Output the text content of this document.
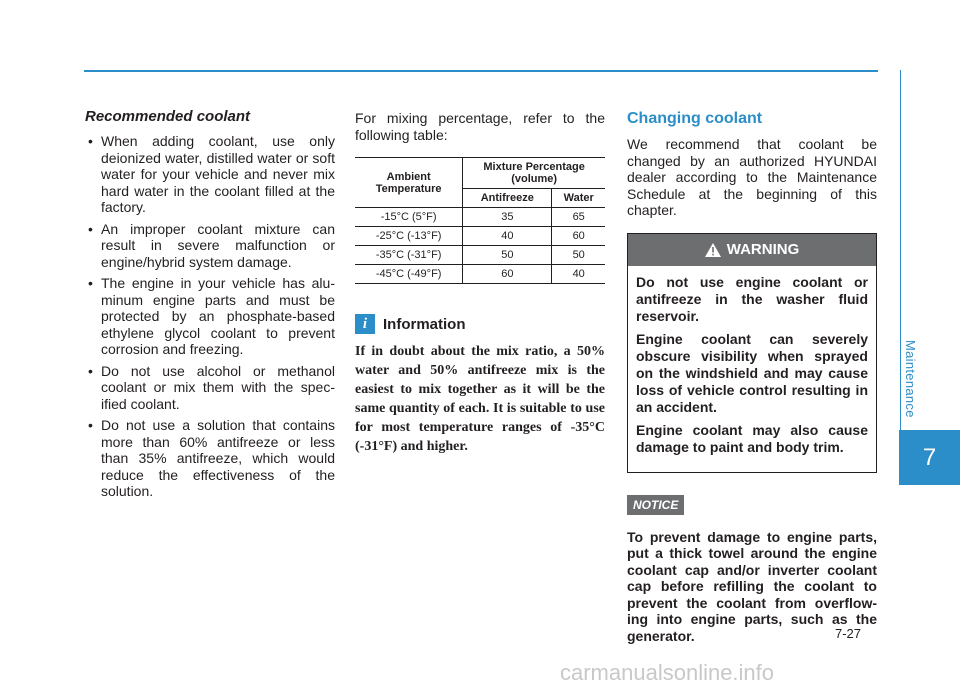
Maintenance
7
Recommended coolant
• When adding coolant, use only deionized water, distilled water or soft water for your vehicle and never mix hard water in the coolant filled at the factory.
• An improper coolant mixture can result in severe malfunction or engine/hybrid system damage.
• The engine in your vehicle has alu-minum engine parts and must be protected by an phosphate-based ethylene glycol coolant to prevent corrosion and freezing.
• Do not use alcohol or methanol coolant or mix them with the spec-ified coolant.
• Do not use a solution that contains more than 60% antifreeze or less than 35% antifreeze, which would reduce the effectiveness of the solution.

For mixing percentage, refer to the following table:

Ambient Temperature	Mixture Percentage (volume)	
	Antifreeze	Water
-15°C (5°F)	35	65
-25°C (-13°F)	40	60
-35°C (-31°F)	50	50
-45°C (-49°F)	60	40
i	Information

If in doubt about the mix ratio, a 50% water and 50% antifreeze mix is the easiest to mix together as it will be the same quantity of each. It is suitable to use for most temperature ranges of -35°C (-31°F) and higher.

Changing coolant

We recommend that coolant be changed by an authorized HYUNDAI dealer according to the Maintenance Schedule at the beginning of this chapter.

WARNING

Do not use engine coolant or antifreeze in the washer fluid reservoir.

Engine coolant can severely obscure visibility when sprayed on the windshield and may cause loss of vehicle control resulting in an accident.

Engine coolant may also cause damage to paint and body trim.

NOTICE

To prevent damage to engine parts, put a thick towel around the engine coolant cap and/or inverter coolant cap before refilling the coolant to prevent the coolant from overflow-ing into engine parts, such as the generator.	7-27
carmanualsonline.info
